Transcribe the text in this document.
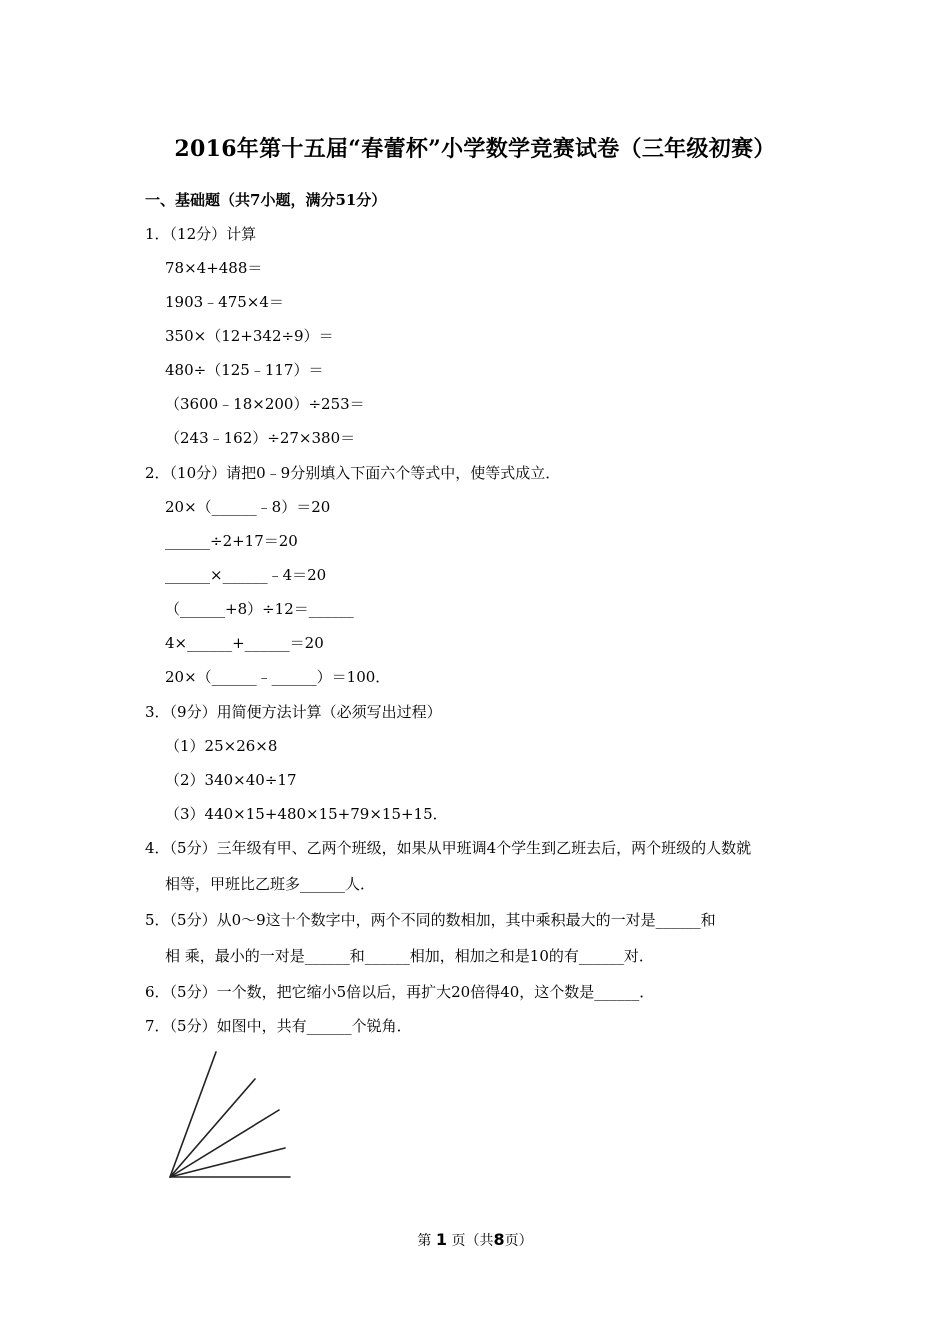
2016年第十五届“春蕾杯”小学数学竞赛试卷（三年级初赛）
一、基础题（共7小题，满分51分）
1．（12分）计算
78×4+488＝
1903﹣475×4＝
350×（12+342÷9）＝
480÷（125﹣117）＝
（3600﹣18×200）÷253＝
（243﹣162）÷27×380＝
2．（10分）请把0﹣9分别填入下面六个等式中，使等式成立．
20×（______﹣8）＝20
______÷2+17＝20
______×______﹣4＝20
（______+8）÷12＝______
4×______+______＝20
20×（______﹣______）＝100．
3．（9分）用简便方法计算（必须写出过程）
（1）25×26×8
（2）340×40÷17
（3）440×15+480×15+79×15+15．
4．（5分）三年级有甲、乙两个班级，如果从甲班调4个学生到乙班去后，两个班级的人数就
相等，甲班比乙班多______人．
5．（5分）从0～9这十个数字中，两个不同的数相加，其中乘积最大的一对是______和
相 乘，最小的一对是______和______相加，相加之和是10的有______对．
6．（5分）一个数，把它缩小5倍以后，再扩大20倍得40，这个数是______．
7．（5分）如图中，共有______个锐角．
第 1 页（共8页）
